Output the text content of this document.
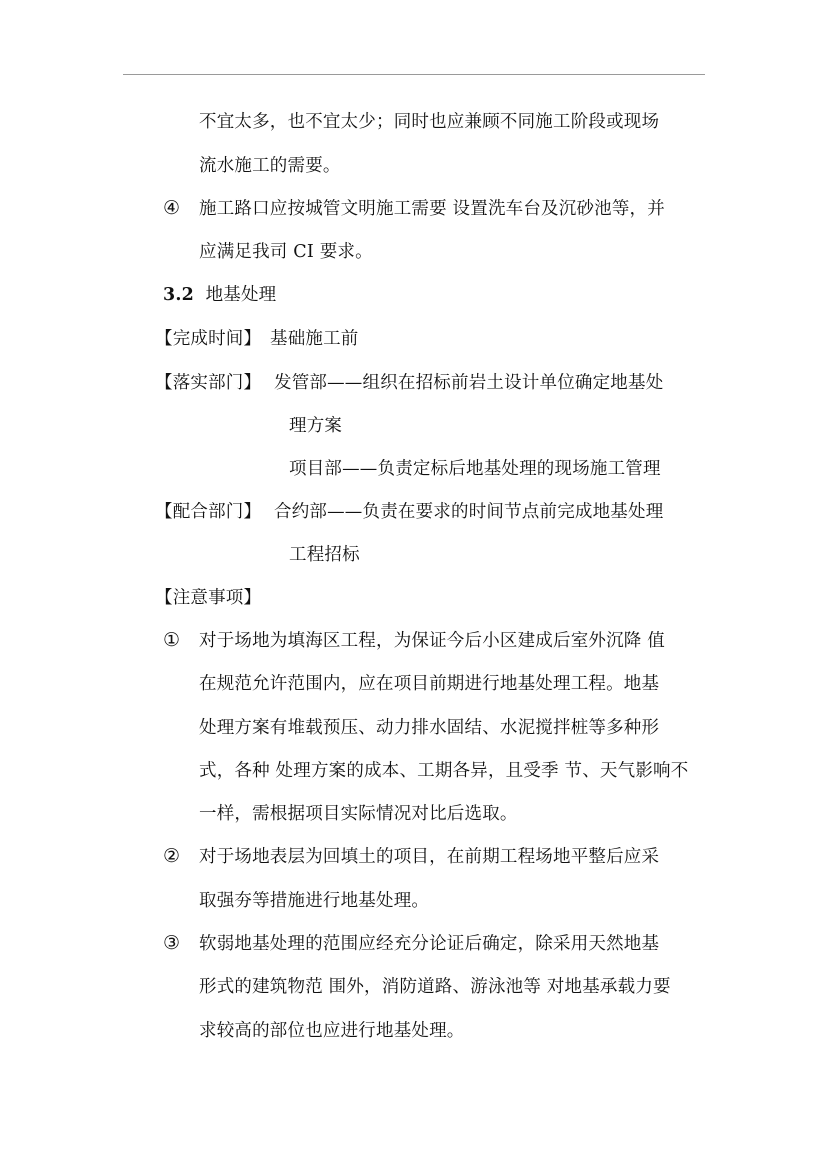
不宜太多，也不宜太少；同时也应兼顾不同施工阶段或现场
流水施工的需要。
④ 施工路口应按城管文明施工需要 设置洗车台及沉砂池等，并
应满足我司 CI 要求。
3.2 地基处理
【完成时间】 基础施工前
【落实部门】 发管部——组织在招标前岩土设计单位确定地基处
理方案
项目部——负责定标后地基处理的现场施工管理
【配合部门】 合约部——负责在要求的时间节点前完成地基处理
工程招标
【注意事项】
① 对于场地为填海区工程，为保证今后小区建成后室外沉降 值
在规范允许范围内，应在项目前期进行地基处理工程。地基
处理方案有堆载预压、动力排水固结、水泥搅拌桩等多种形
式，各种 处理方案的成本、工期各异，且受季 节、天气影响不
一样，需根据项目实际情况对比后选取。
② 对于场地表层为回填土的项目，在前期工程场地平整后应采
取强夯等措施进行地基处理。
③ 软弱地基处理的范围应经充分论证后确定，除采用天然地基
形式的建筑物范 围外，消防道路、游泳池等 对地基承载力要
求较高的部位也应进行地基处理。
